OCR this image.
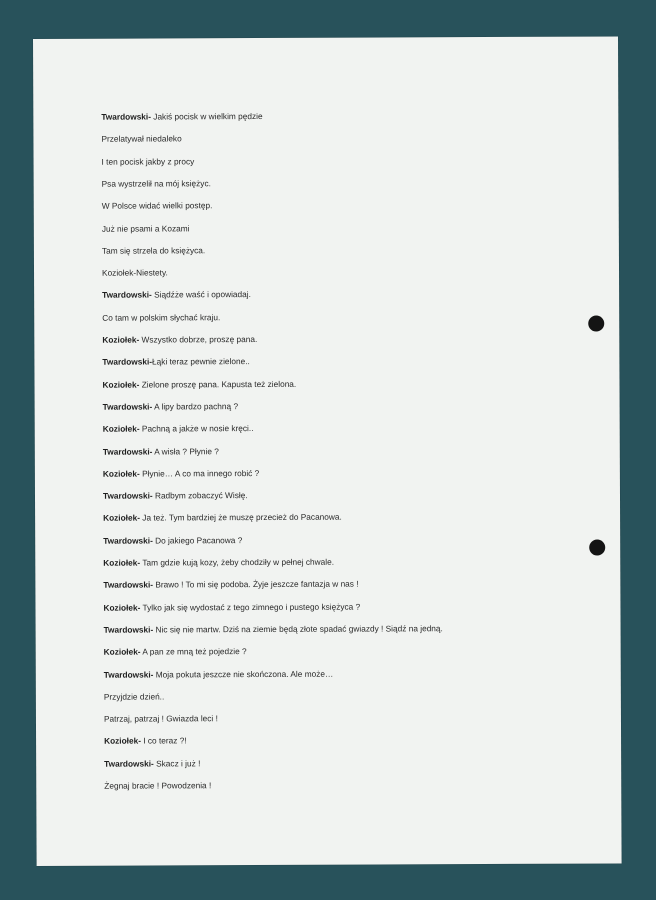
Twardowski- Jakiś pocisk w wielkim pędzie
Przelatywał niedaleko
I ten pocisk jakby z procy
Psa wystrzelił na mój księżyc.
W Polsce widać wielki postęp.
Już nie psami a Kozami
Tam się strzela do księżyca.
Koziołek-Niestety.
Twardowski- Siądźże waść i opowiadaj.
Co tam w polskim słychać kraju.
Koziołek- Wszystko dobrze, proszę pana.
Twardowski-Łąki teraz pewnie zielone..
Koziołek- Zielone proszę pana. Kapusta też zielona.
Twardowski- A lipy bardzo pachną ?
Koziołek- Pachną a jakże w nosie kręci..
Twardowski- A wisła ? Płynie ?
Koziołek- Płynie… A co ma innego robić ?
Twardowski- Radbym zobaczyć Wisłę.
Koziołek- Ja też. Tym bardziej że muszę przecież do Pacanowa.
Twardowski- Do jakiego Pacanowa ?
Koziołek- Tam gdzie kują kozy, żeby chodziły w pełnej chwale.
Twardowski- Brawo ! To mi się podoba. Żyje jeszcze fantazja w nas !
Koziołek- Tylko jak się wydostać z tego zimnego i pustego księżyca ?
Twardowski- Nic się nie martw. Dziś na ziemie będą złote spadać gwiazdy ! Siądź na jedną.
Koziołek- A pan ze mną też pojedzie ?
Twardowski- Moja pokuta jeszcze nie skończona. Ale może…
Przyjdzie dzień..
Patrzaj, patrzaj ! Gwiazda leci !
Koziołek- I co teraz ?!
Twardowski- Skacz i już !
Żegnaj bracie ! Powodzenia !
